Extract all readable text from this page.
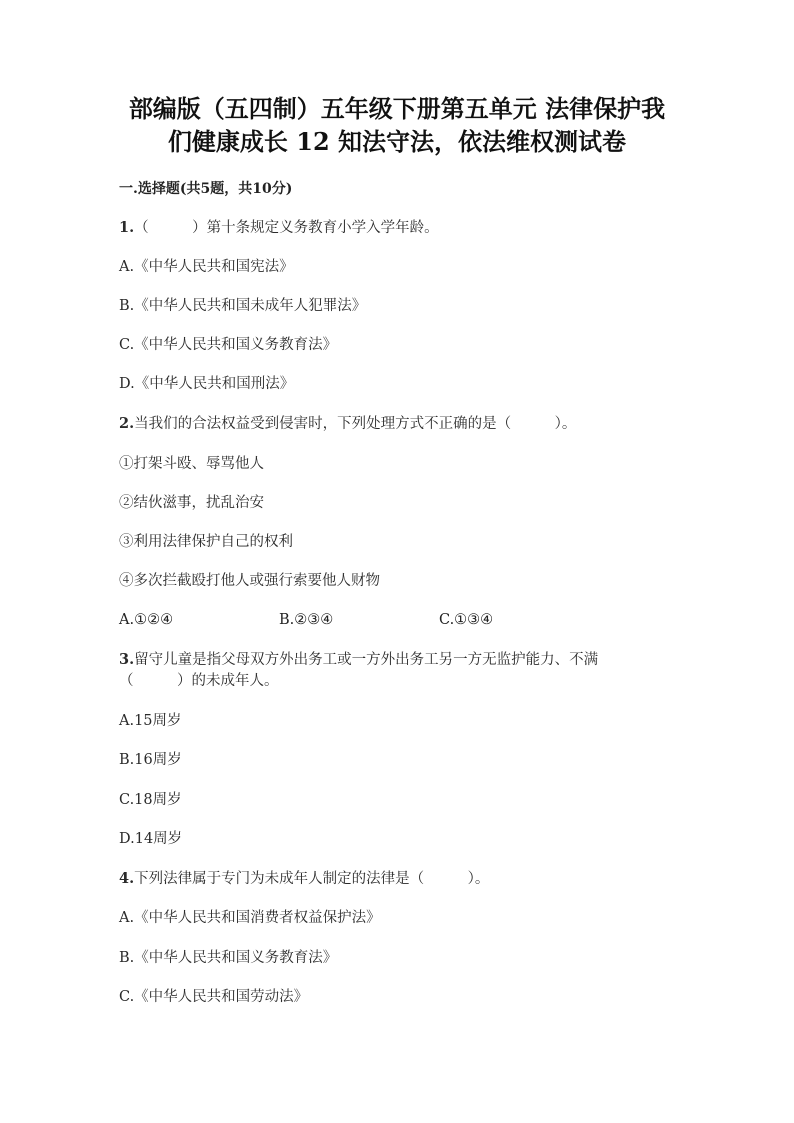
部编版（五四制）五年级下册第五单元 法律保护我
们健康成长 12 知法守法，依法维权测试卷
一.选择题(共5题，共10分)
1.（　　　）第十条规定义务教育小学入学年龄。
A.《中华人民共和国宪法》
B.《中华人民共和国未成年人犯罪法》
C.《中华人民共和国义务教育法》
D.《中华人民共和国刑法》
2.当我们的合法权益受到侵害时，下列处理方式不正确的是（　　　）。
①打架斗殴、辱骂他人
②结伙滋事，扰乱治安
③利用法律保护自己的权利
④多次拦截殴打他人或强行索要他人财物
A.①②④	B.②③④	C.①③④
3.留守儿童是指父母双方外出务工或一方外出务工另一方无监护能力、不满
（　　　）的未成年人。
A.15周岁
B.16周岁
C.18周岁
D.14周岁
4.下列法律属于专门为未成年人制定的法律是（　　　）。
A.《中华人民共和国消费者权益保护法》
B.《中华人民共和国义务教育法》
C.《中华人民共和国劳动法》
